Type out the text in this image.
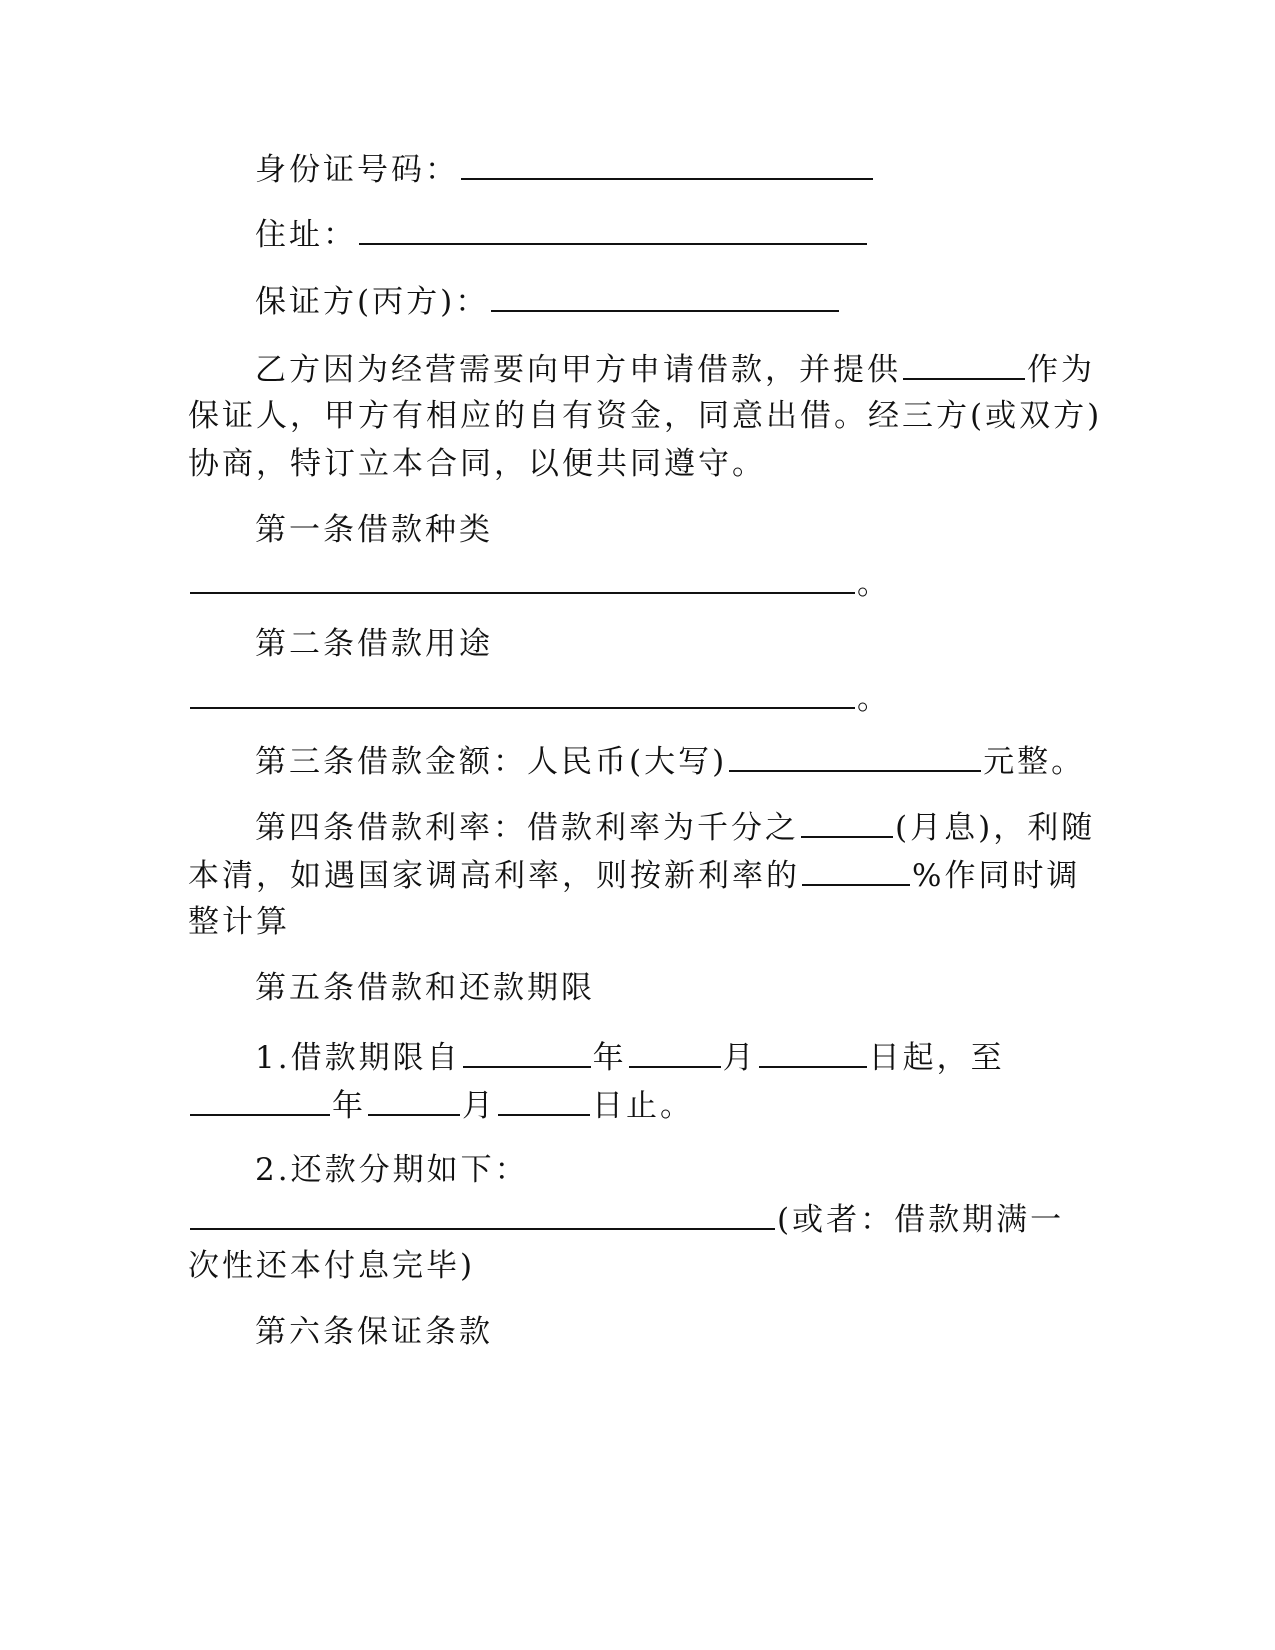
身份证号码：
住址：
保证方(丙方)：
乙方因为经营需要向甲方申请借款，并提供	作为
保证人，甲方有相应的自有资金，同意出借。经三方(或双方)
协商，特订立本合同，以便共同遵守。
第一条借款种类
。
第二条借款用途
。
第三条借款金额：人民币(大写)	元整。
第四条借款利率：借款利率为千分之	(月息)，利随
本清，如遇国家调高利率，则按新利率的	%作同时调
整计算
第五条借款和还款期限
1.借款期限自	年	月	日起，至
年	月	日止。
2.还款分期如下：
(或者：借款期满一
次性还本付息完毕)
第六条保证条款
